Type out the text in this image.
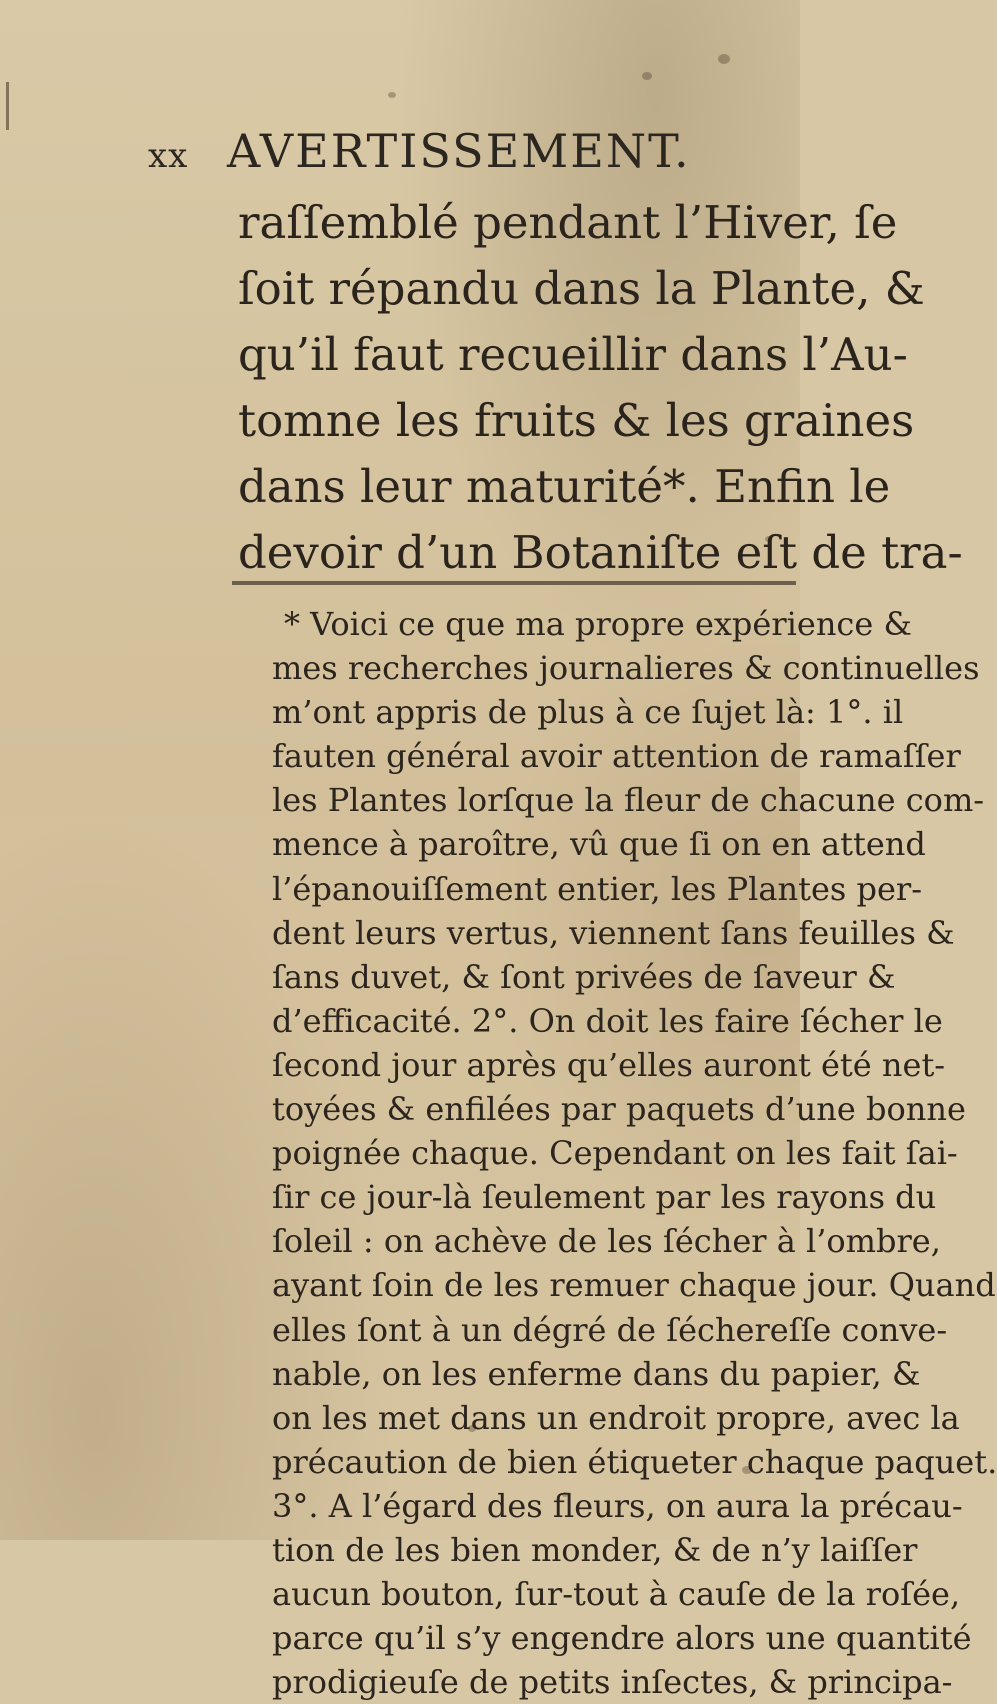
xx AVERTISSEMENT.
raſſemblé pendant l’Hiver, ſe
ſoit répandu dans la Plante, &
qu’il faut recueillir dans l’Au-
tomne les fruits & les graines
dans leur maturité*. Enfin le
devoir d’un Botaniſte eſt de tra-
* Voici ce que ma propre expérience &
mes recherches journalieres & continuelles
m’ont appris de plus à ce ſujet là: 1°. il
fauten général avoir attention de ramaſſer
les Plantes lorſque la fleur de chacune com-
mence à paroître, vû que ſi on en attend
l’épanouiſſement entier, les Plantes per-
dent leurs vertus, viennent ſans feuilles &
ſans duvet, & ſont privées de ſaveur &
d’efficacité. 2°. On doit les faire ſécher le
ſecond jour après qu’elles auront été net-
toyées & enfilées par paquets d’une bonne
poignée chaque. Cependant on les fait ſai-
ſir ce jour-là ſeulement par les rayons du
ſoleil : on achève de les ſécher à l’ombre,
ayant ſoin de les remuer chaque jour. Quand
elles ſont à un dégré de ſéchereſſe conve-
nable, on les enferme dans du papier, &
on les met dans un endroit propre, avec la
précaution de bien étiqueter chaque paquet.
3°. A l’égard des fleurs, on aura la précau-
tion de les bien monder, & de n’y laiſſer
aucun bouton, ſur-tout à cauſe de la roſée,
parce qu’il s’y engendre alors une quantité
prodigieuſe de petits inſectes, & principa-
